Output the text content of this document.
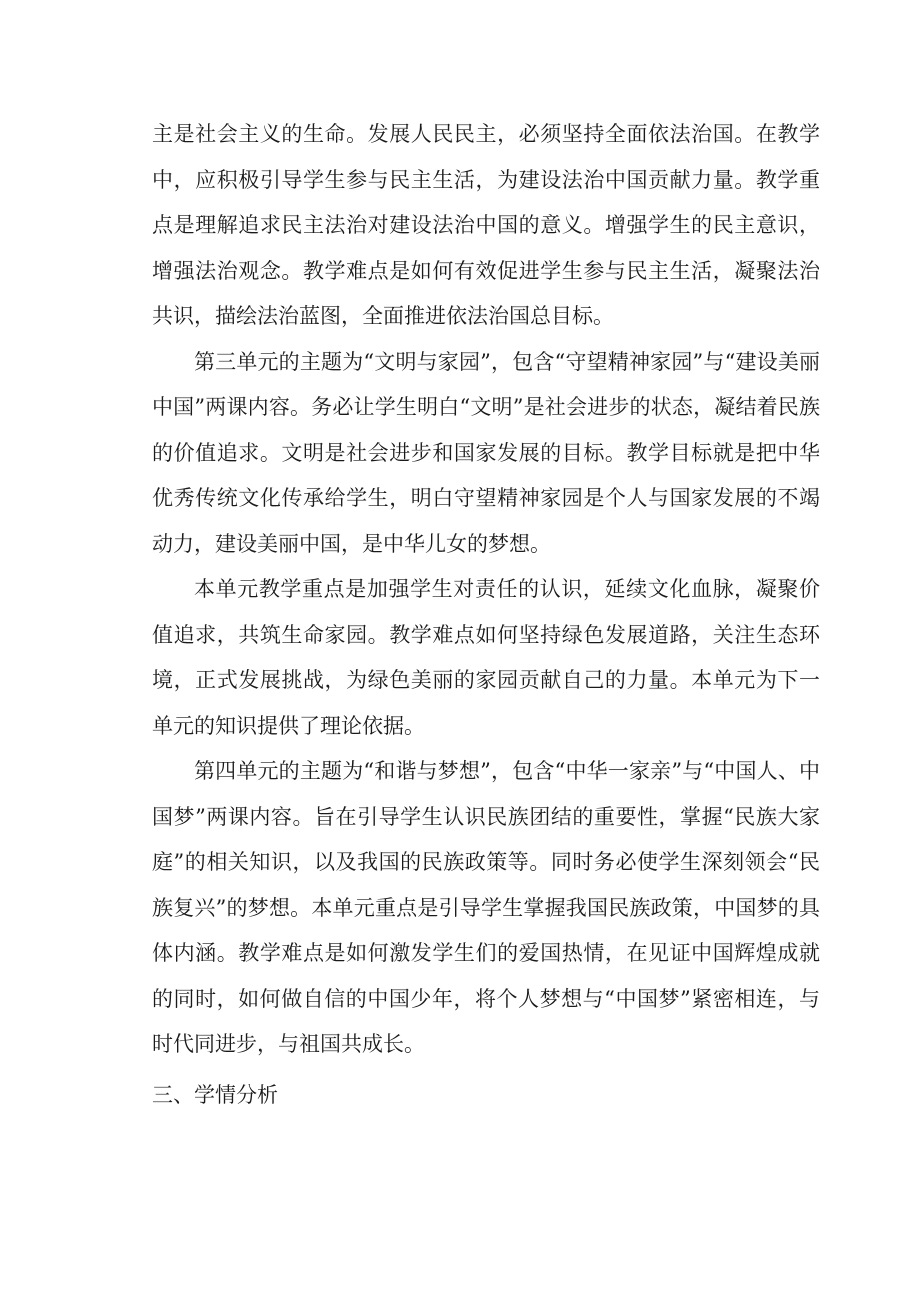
主是社会主义的生命。发展人民民主，必须坚持全面依法治国。在教学中，应积极引导学生参与民主生活，为建设法治中国贡献力量。教学重点是理解追求民主法治对建设法治中国的意义。增强学生的民主意识，增强法治观念。教学难点是如何有效促进学生参与民主生活，凝聚法治共识，描绘法治蓝图，全面推进依法治国总目标。

第三单元的主题为“文明与家园”，包含“守望精神家园”与“建设美丽中国”两课内容。务必让学生明白“文明”是社会进步的状态，凝结着民族的价值追求。文明是社会进步和国家发展的目标。教学目标就是把中华优秀传统文化传承给学生，明白守望精神家园是个人与国家发展的不竭动力，建设美丽中国，是中华儿女的梦想。

本单元教学重点是加强学生对责任的认识，延续文化血脉，凝聚价值追求，共筑生命家园。教学难点如何坚持绿色发展道路，关注生态环境，正式发展挑战，为绿色美丽的家园贡献自己的力量。本单元为下一单元的知识提供了理论依据。

第四单元的主题为“和谐与梦想”，包含“中华一家亲”与“中国人、中国梦”两课内容。旨在引导学生认识民族团结的重要性，掌握“民族大家庭”的相关知识，以及我国的民族政策等。同时务必使学生深刻领会“民族复兴”的梦想。本单元重点是引导学生掌握我国民族政策，中国梦的具体内涵。教学难点是如何激发学生们的爱国热情，在见证中国辉煌成就的同时，如何做自信的中国少年，将个人梦想与“中国梦”紧密相连，与时代同进步，与祖国共成长。

三、学情分析
